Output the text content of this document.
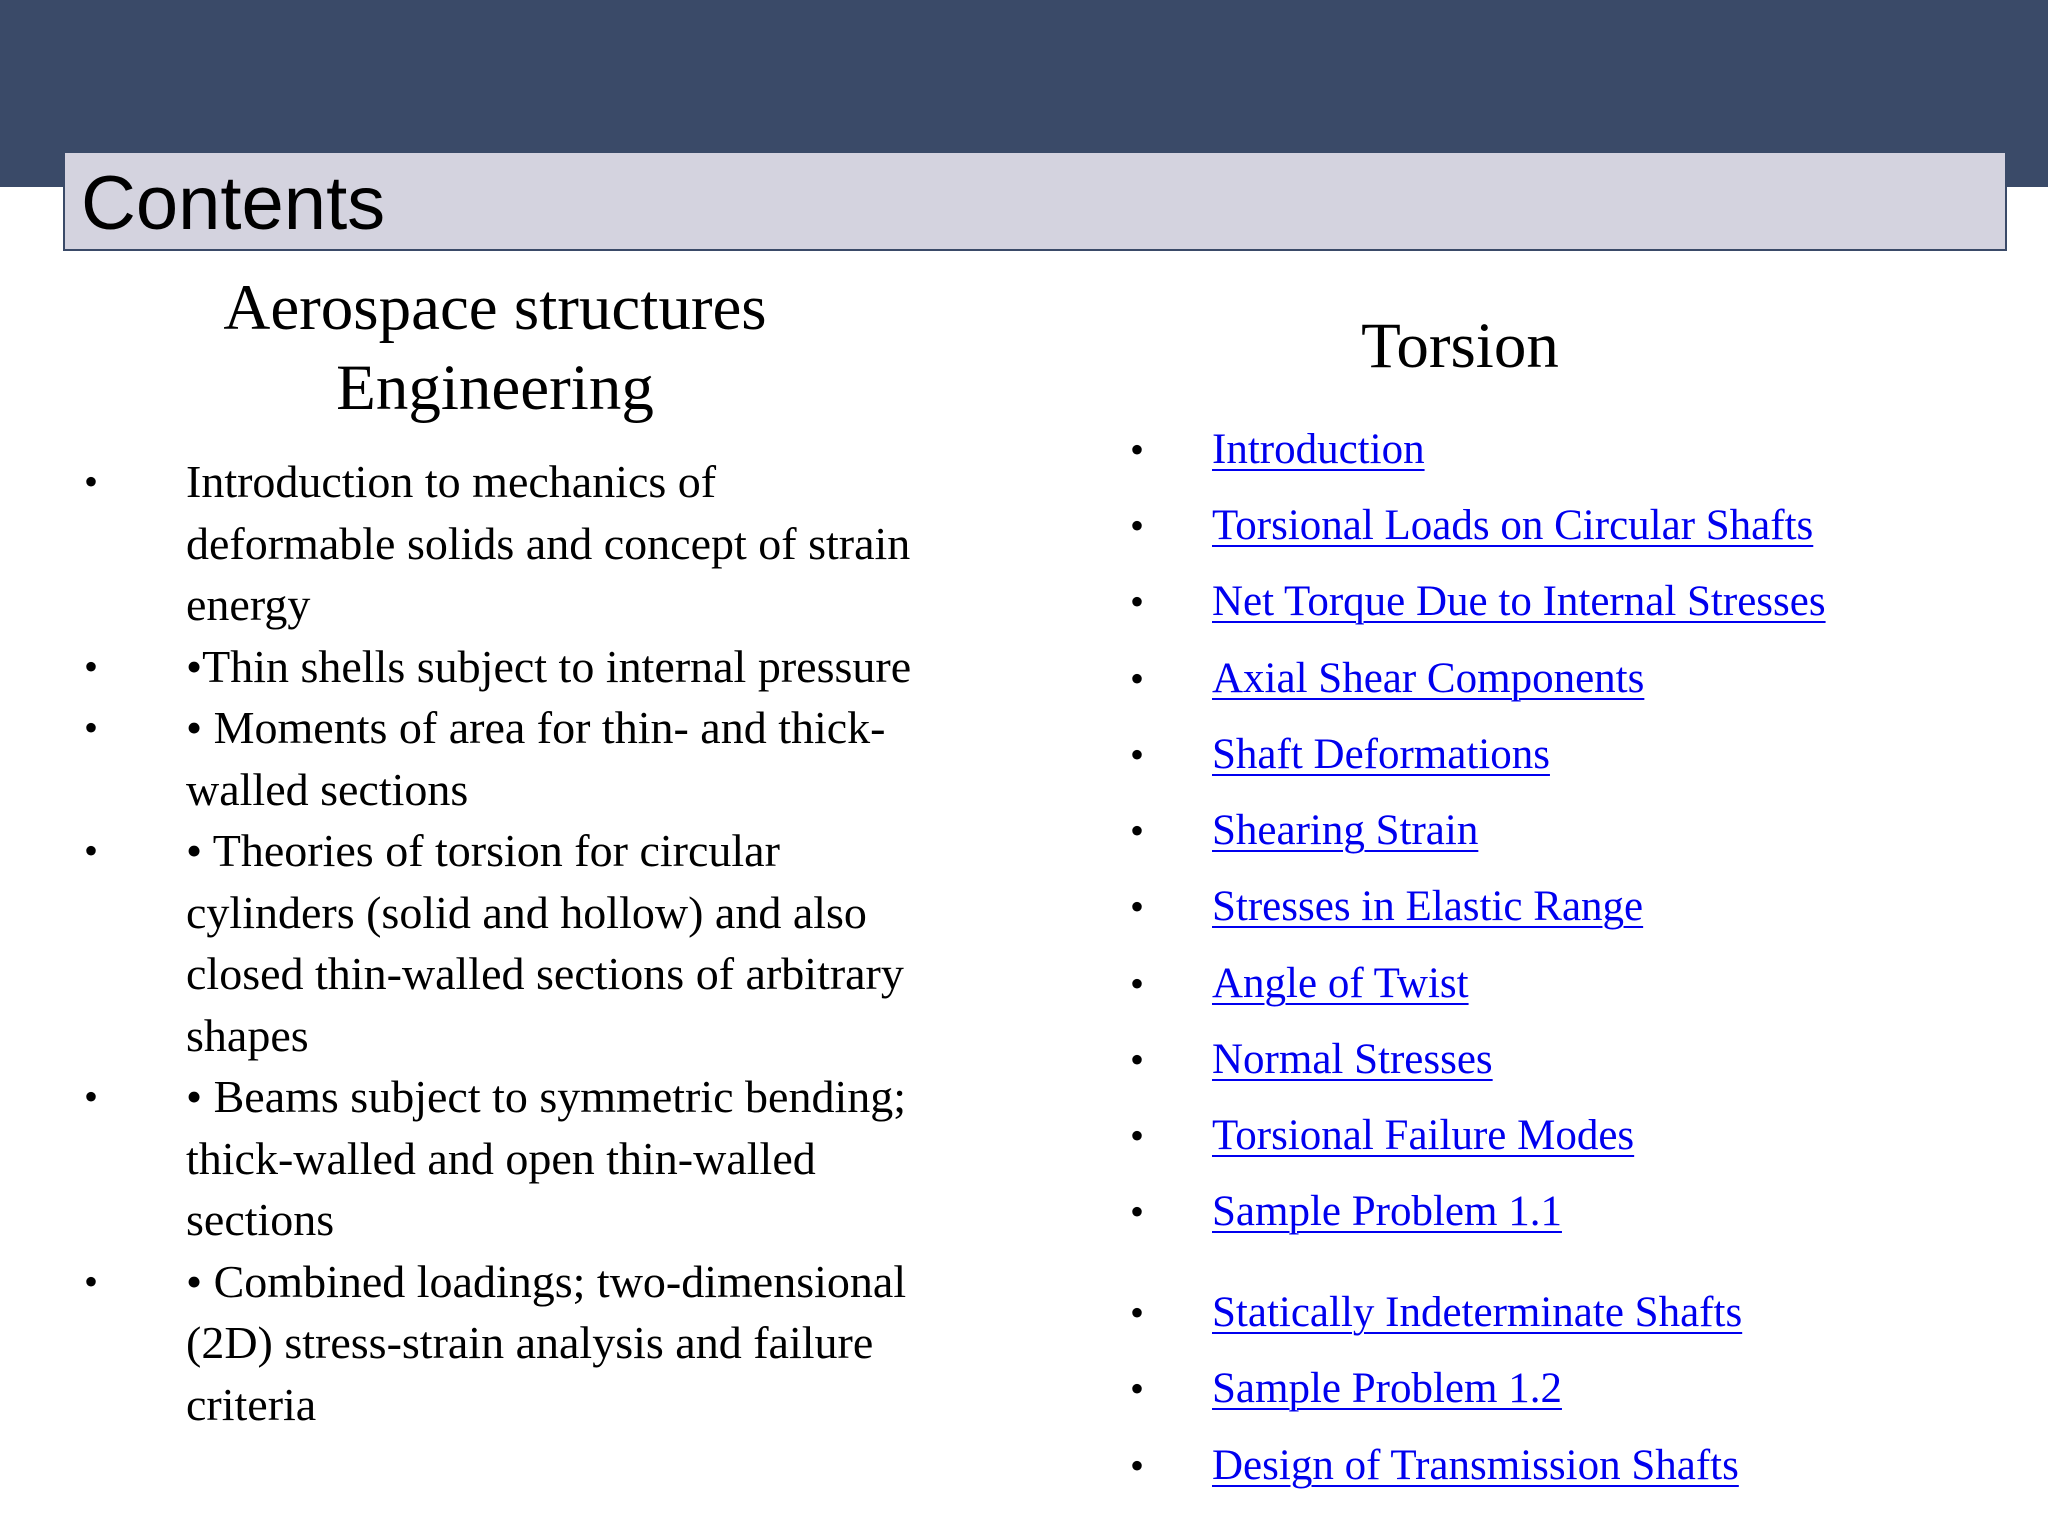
Contents
Aerospace structures
Engineering
• Introduction to mechanics of deformable solids and concept of strain energy
• •Thin shells subject to internal pressure
• • Moments of area for thin- and thick-walled sections
• • Theories of torsion for circular cylinders (solid and hollow) and also closed thin-walled sections of arbitrary shapes
• • Beams subject to symmetric bending; thick-walled and open thin-walled sections
• • Combined loadings; two-dimensional (2D) stress-strain analysis and failure criteria
Torsion
• Introduction
• Torsional Loads on Circular Shafts
• Net Torque Due to Internal Stresses
• Axial Shear Components
• Shaft Deformations
• Shearing Strain
• Stresses in Elastic Range
• Angle of Twist
• Normal Stresses
• Torsional Failure Modes
• Sample Problem 1.1
• Statically Indeterminate Shafts
• Sample Problem 1.2
• Design of Transmission Shafts
